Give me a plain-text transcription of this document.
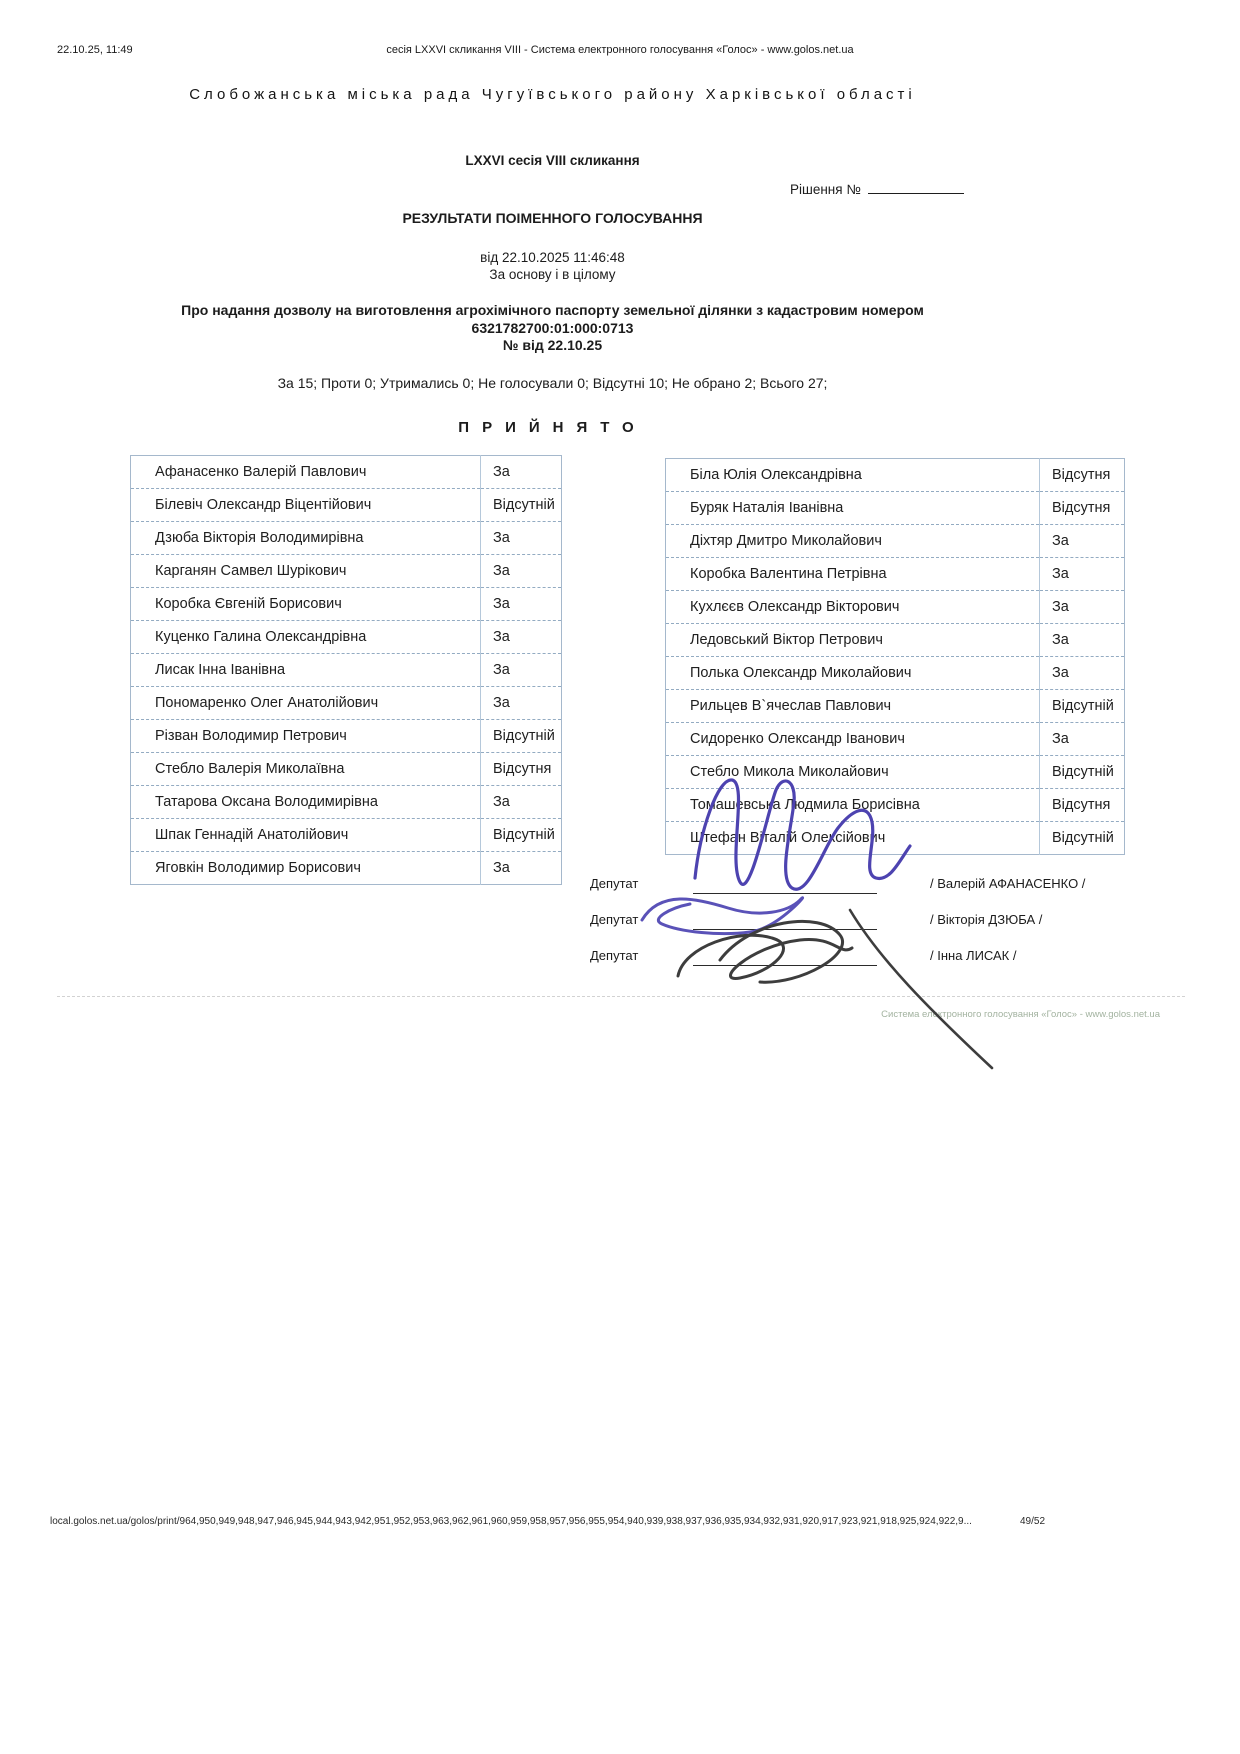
22.10.25, 11:49	сесія LXXVI скликання VIII - Система електронного голосування «Голос» - www.golos.net.ua
Слобожанська міська рада Чугуївського району Харківської області
LXXVI сесія VIII скликання
Рішення №
РЕЗУЛЬТАТИ ПОІМЕННОГО ГОЛОСУВАННЯ
від 22.10.2025 11:46:48
За основу і в цілому
Про надання дозволу на виготовлення агрохімічного паспорту земельної ділянки з кадастровим номером
6321782700:01:000:0713
№ від 22.10.25
За 15; Проти 0; Утримались 0; Не голосували 0; Відсутні 10; Не обрано 2; Всього 27;
ПРИЙНЯТО
Афанасенко Валерій Павлович	За
Білевіч Олександр Віцентійович	Відсутній
Дзюба Вікторія Володимирівна	За
Карганян Самвел Шурікович	За
Коробка Євгеній Борисович	За
Куценко Галина Олександрівна	За
Лисак Інна Іванівна	За
Пономаренко Олег Анатолійович	За
Різван Володимир Петрович	Відсутній
Стебло Валерія Миколаївна	Відсутня
Татарова Оксана Володимирівна	За
Шпак Геннадій Анатолійович	Відсутній
Яговкін Володимир Борисович	За
Біла Юлія Олександрівна	Відсутня
Буряк Наталія Іванівна	Відсутня
Діхтяр Дмитро Миколайович	За
Коробка Валентина Петрівна	За
Кухлєєв Олександр Вікторович	За
Ледовський Віктор Петрович	За
Полька Олександр Миколайович	За
Рильцев В`ячеслав Павлович	Відсутній
Сидоренко Олександр Іванович	За
Стебло Микола Миколайович	Відсутній
Томашевська Людмила Борисівна	Відсутня
Штефан Віталій Олексійович	Відсутній
Депутат	/ Валерій АФАНАСЕНКО /
Депутат	/ Вікторія ДЗЮБА /
Депутат	/ Інна ЛИСАК /
Система електронного голосування «Голос» - www.golos.net.ua
local.golos.net.ua/golos/print/964,950,949,948,947,946,945,944,943,942,951,952,953,963,962,961,960,959,958,957,956,955,954,940,939,938,937,936,935,934,932,931,920,917,923,921,918,925,924,922,9...	49/52
